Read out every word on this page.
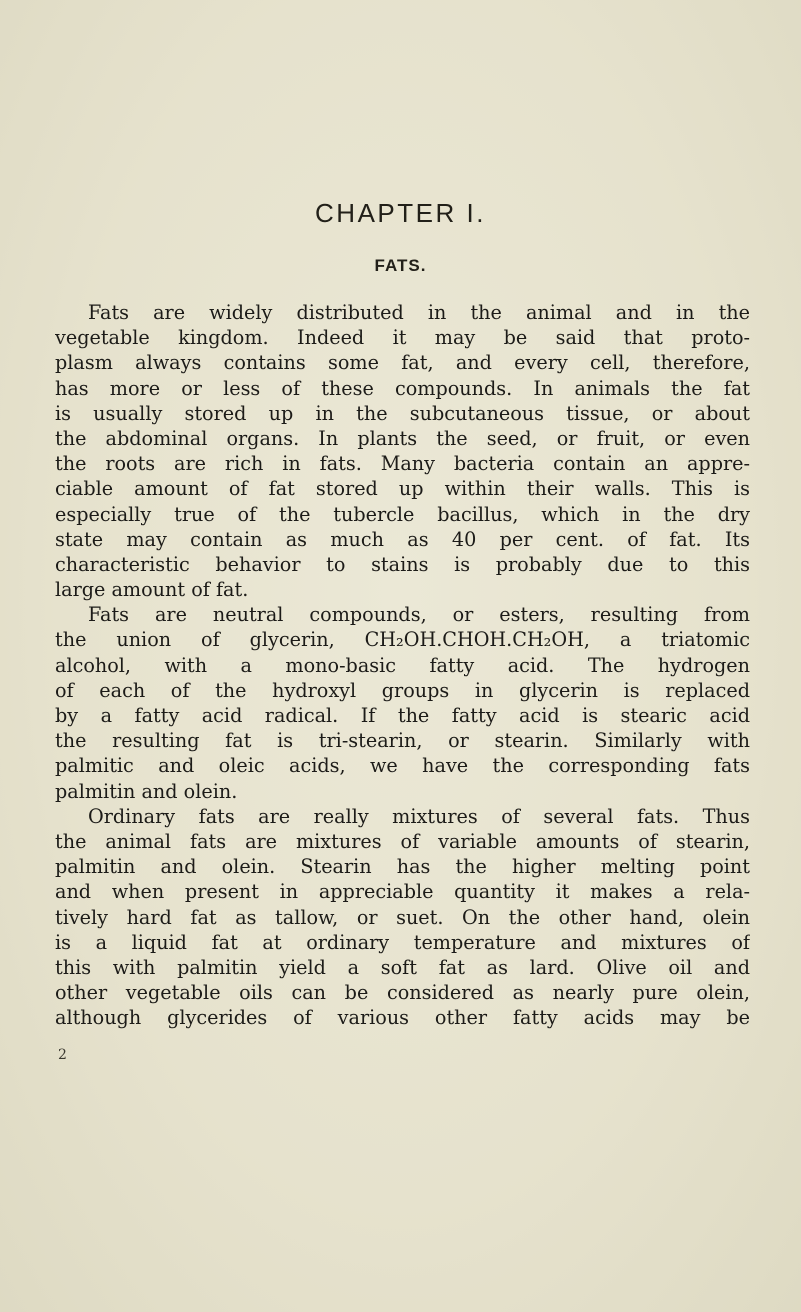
CHAPTER I.
FATS.
Fats are widely distributed in the animal and in the
vegetable kingdom. Indeed it may be said that proto-
plasm always contains some fat, and every cell, therefore,
has more or less of these compounds. In animals the fat
is usually stored up in the subcutaneous tissue, or about
the abdominal organs. In plants the seed, or fruit, or even
the roots are rich in fats. Many bacteria contain an appre-
ciable amount of fat stored up within their walls. This is
especially true of the tubercle bacillus, which in the dry
state may contain as much as 40 per cent. of fat. Its
characteristic behavior to stains is probably due to this
large amount of fat.
Fats are neutral compounds, or esters, resulting from
the union of glycerin, CH₂OH.CHOH.CH₂OH, a triatomic
alcohol, with a mono-basic fatty acid. The hydrogen
of each of the hydroxyl groups in glycerin is replaced
by a fatty acid radical. If the fatty acid is stearic acid
the resulting fat is tri-stearin, or stearin. Similarly with
palmitic and oleic acids, we have the corresponding fats
palmitin and olein.
Ordinary fats are really mixtures of several fats. Thus
the animal fats are mixtures of variable amounts of stearin,
palmitin and olein. Stearin has the higher melting point
and when present in appreciable quantity it makes a rela-
tively hard fat as tallow, or suet. On the other hand, olein
is a liquid fat at ordinary temperature and mixtures of
this with palmitin yield a soft fat as lard. Olive oil and
other vegetable oils can be considered as nearly pure olein,
although glycerides of various other fatty acids may be
2
